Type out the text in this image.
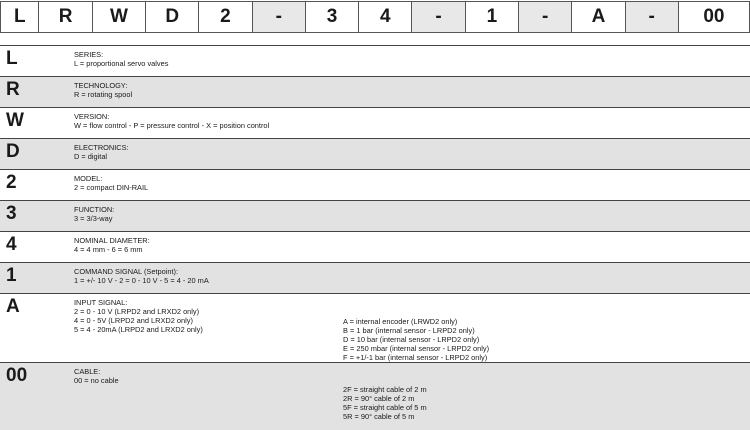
L	R	W	D	2	-	3	4	-	1	-	A	-	00
L	SERIES:
L = proportional servo valves
R	TECHNOLOGY:
R = rotating spool
W	VERSION:
W = flow control - P = pressure control - X = position control
D	ELECTRONICS:
D = digital
2	MODEL:
2 = compact DIN-RAIL
3	FUNCTION:
3 = 3/3-way
4	NOMINAL DIAMETER:
4 = 4 mm - 6 = 6 mm
1	COMMAND SIGNAL (Setpoint):
1 = +/- 10 V - 2 = 0 - 10 V - 5 = 4 - 20 mA
A	INPUT SIGNAL:
2 = 0 - 10 V (LRPD2 and LRXD2 only)
4 = 0 - 5V (LRPD2 and LRXD2 only)
5 = 4 - 20mA (LRPD2 and LRXD2 only)
A = internal encoder (LRWD2 only)
B = 1 bar (internal sensor - LRPD2 only)
D = 10 bar (internal sensor - LRPD2 only)
E = 250 mbar (internal sensor - LRPD2 only)
F = +1/-1 bar (internal sensor - LRPD2 only)
00	CABLE:
00 = no cable
2F = straight cable of 2 m
2R = 90° cable of 2 m
5F = straight cable of 5 m
5R = 90° cable of 5 m
